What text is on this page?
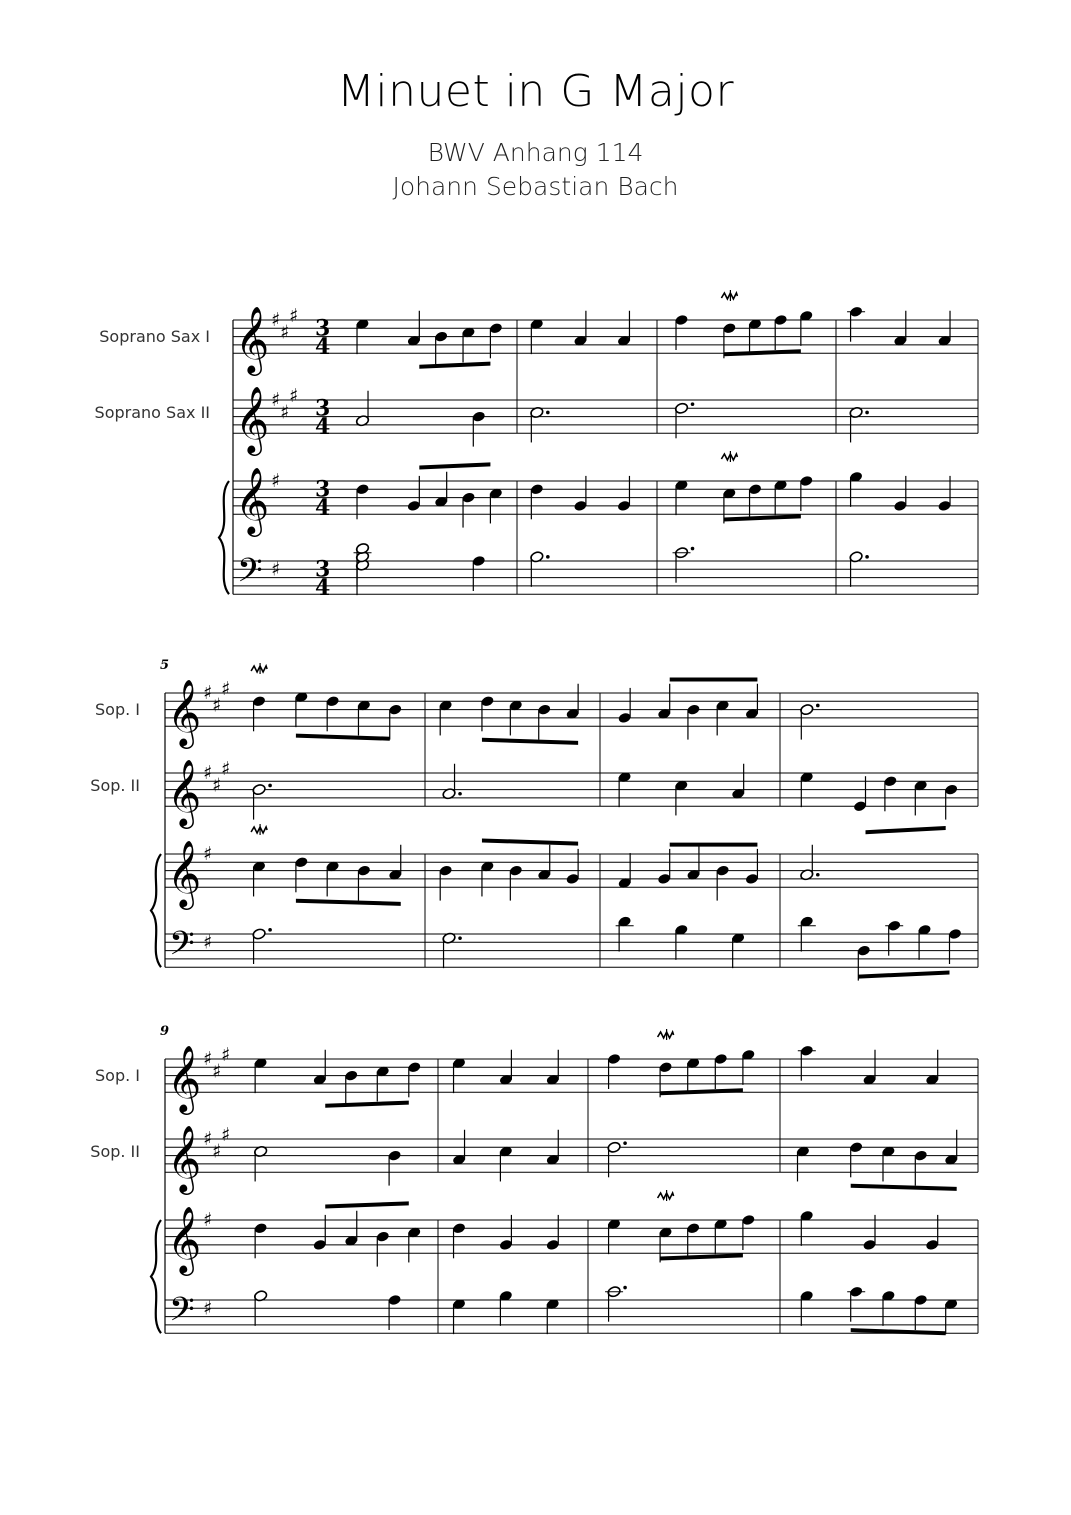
Minuet in G Major
BWV Anhang 114
Johann Sebastian Bach
Soprano Sax I
Soprano Sax II
Sop. I
Sop. II
Sop. I
Sop. II
5
9
𝄞 ♯
♯
♯ 3
4
𝄞 ♯
♯
♯ 3
4
𝄞 ♯ 3
4
𝄢 ♯ 3
4
𝄞 ♯
♯
♯
𝄞 ♯
♯
♯
𝄞 ♯
𝄢 ♯
𝄞 ♯
♯
♯
𝄞 ♯
♯
♯
𝄞 ♯
𝄢 ♯
